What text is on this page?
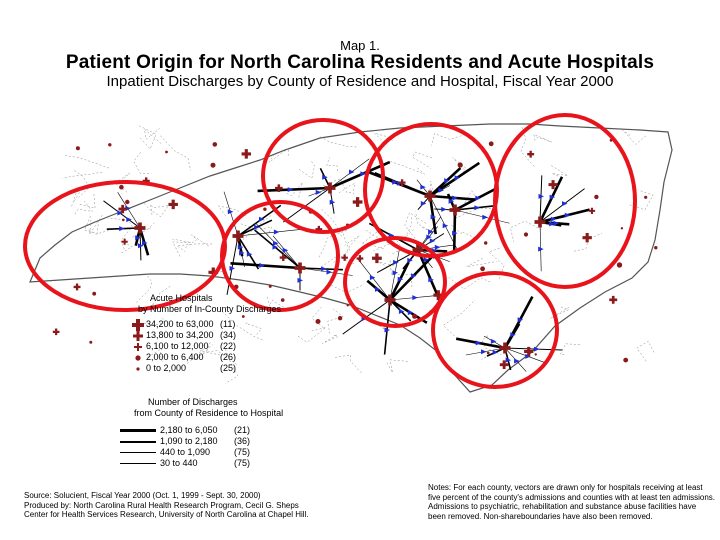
Map 1.
Patient Origin for North Carolina Residents and Acute Hospitals
Inpatient Discharges by County of Residence and Hospital, Fiscal Year 2000
Acute Hospitals
by Number of In-County Discharges
34,200 to 63,000 (11)
13,800 to 34,200 (34)
6,100 to 12,000	(22)
2,000 to 6,400	(26)
0 to 2,000	(25)
Number of Discharges
from County of Residence to Hospital
2,180 to 6,050	(21)
1,090 to 2,180	(36)
440 to 1,090	(75)
30 to 440	(75)
Source: Solucient, Fiscal Year 2000 (Oct. 1, 1999 - Sept. 30, 2000)
Produced by: North Carolina Rural Health Research Program, Cecil G. Sheps
Center for Health Services Research, University of North Carolina at Chapel Hill.
Notes: For each county, vectors are drawn only for hospitals receiving at least
five percent of the county's admissions and counties with at least ten admissions.
Admissions to psychiatric, rehabilitation and substance abuse facilities have
been removed. Non-shareboundaries have also been removed.
